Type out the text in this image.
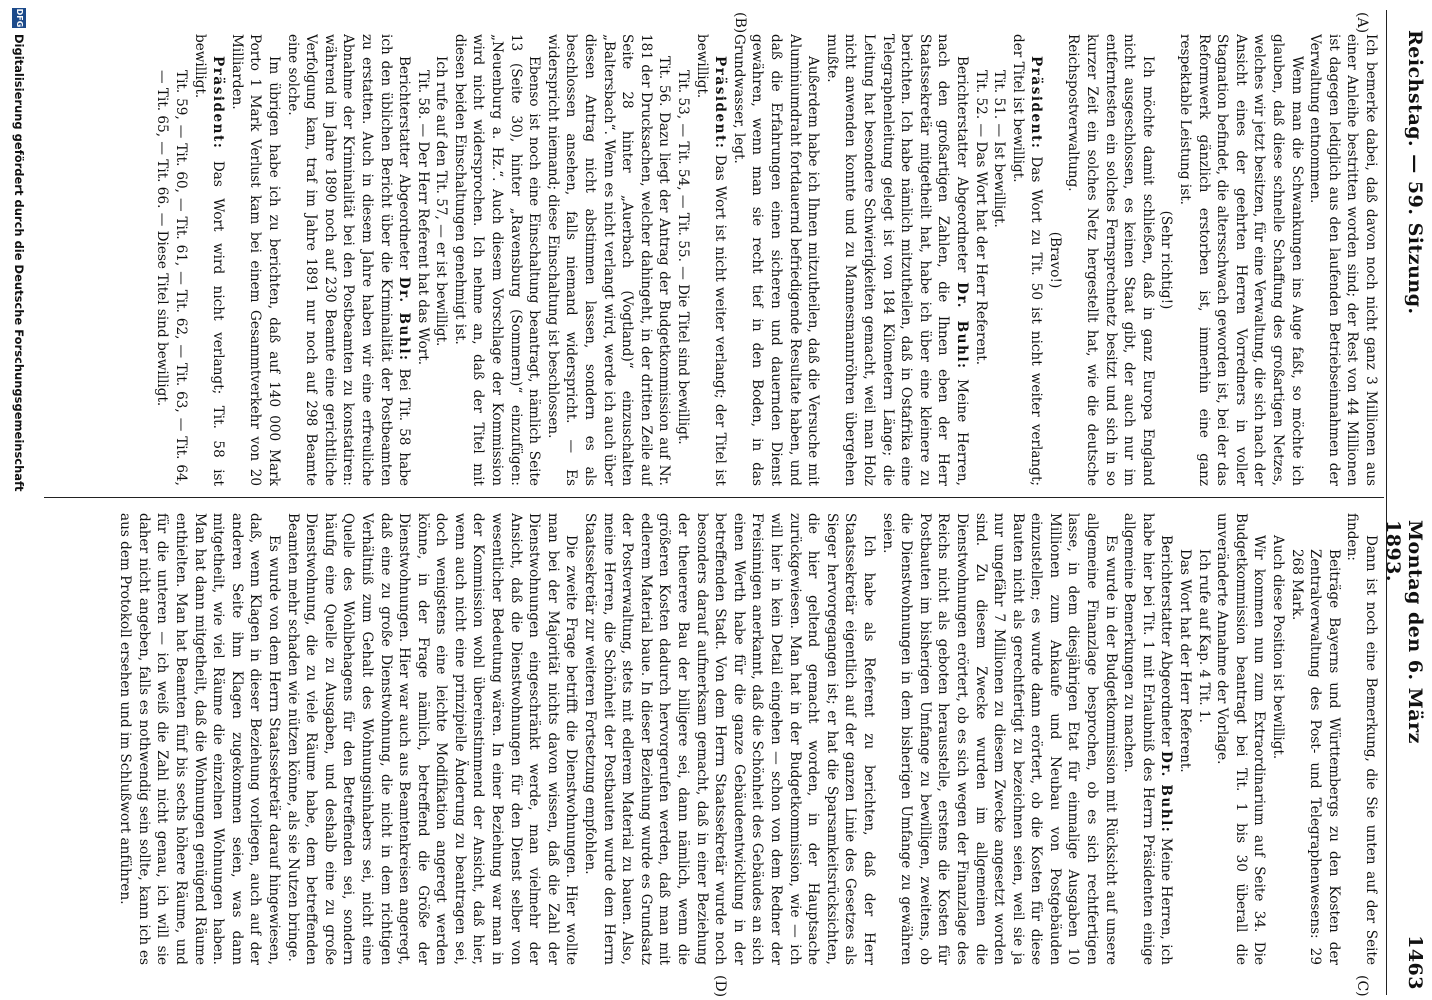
Reichstag. — 59. Sitzung.
Montag den 6. März 1893.
1463
(A)
(B)
(C)
(D)

Ich bemerke dabei, daß davon noch nicht ganz 3 Millionen aus einer Anleihe bestritten worden sind; der Rest von 44 Millionen ist dagegen lediglich aus den laufenden Betriebseinnahmen der Verwaltung entnommen.

Wenn man die Schwankungen ins Auge faßt, so möchte ich glauben, daß diese schnelle Schaffung des großartigen Netzes, welches wir jetzt besitzen, für eine Verwaltung, die sich nach der Ansicht eines der geehrten Herren Vorredners in voller Stagnation befindet, die altersschwach geworden ist, bei der das Reformwerk gänzlich erstorben ist, immerhin eine ganz respektable Leistung ist.

(Sehr richtig!)

Ich möchte damit schließen, daß in ganz Europa England nicht ausgeschlossen, es keinen Staat gibt, der auch nur im entferntesten ein solches Fernsprechnetz besitzt und sich in so kurzer Zeit ein solches Netz hergestellt hat, wie die deutsche Reichspostverwaltung.

(Bravo!)

Präsident: Das Wort zu Tit. 50 ist nicht weiter verlangt; der Titel ist bewilligt.

Tit. 51. — Ist bewilligt.

Tit. 52. — Das Wort hat der Herr Referent.

Berichterstatter Abgeordneter Dr. Buhl: Meine Herren, nach den großartigen Zahlen, die Ihnen eben der Herr Staatssekretär mitgetheilt hat, habe ich über eine kleinere zu berichten. Ich habe nämlich mitzutheilen, daß in Ostafrika eine Telegraphenleitung gelegt ist von 184 Kilometern Länge; die Leitung hat besondere Schwierigkeiten gemacht, weil man Holz nicht anwenden konnte und zu Mannesmannröhren übergehen mußte.

Außerdem habe ich Ihnen mitzutheilen, daß die Versuche mit Aluminiumdraht fortdauernd befriedigende Resultate haben, und daß die Erfahrungen einen sicheren und dauernden Dienst gewähren, wenn man sie recht tief in den Boden, in das Grundwasser, legt.

Präsident: Das Wort ist nicht weiter verlangt; der Titel ist bewilligt.

Tit. 53, — Tit. 54, — Tit. 55. — Die Titel sind bewilligt.

Tit. 56. Dazu liegt der Antrag der Budgetkommission auf Nr. 181 der Drucksachen, welcher dahingeht, in der dritten Zeile auf Seite 28 hinter „Auerbach (Vogtland)“ einzuschalten „Baltersbach“. Wenn es nicht verlangt wird, werde ich auch über diesen Antrag nicht abstimmen lassen, sondern es als beschlossen ansehen, falls niemand widerspricht. — Es widerspricht niemand; diese Einschaltung ist beschlossen.

Ebenso ist noch eine Einschaltung beantragt, nämlich Seite 13 (Seite 30), hinter „Ravensburg (Sommern)“ einzufügen: „Neuenburg a. Hz.“. Auch diesem Vorschlage der Kommission wird nicht widersprochen. Ich nehme an, daß der Titel mit diesen beiden Einschaltungen genehmigt ist.

Ich rufe auf den Tit. 57, — er ist bewilligt.

Tit. 58. — Der Herr Referent hat das Wort.

Berichterstatter Abgeordneter Dr. Buhl: Bei Tit. 58 habe ich den üblichen Bericht über die Kriminalität der Postbeamten zu erstatten. Auch in diesem Jahre haben wir eine erfreuliche Abnahme der Kriminalität bei den Postbeamten zu konstatiren: während im Jahre 1890 noch auf 230 Beamte eine gerichtliche Verfolgung kam, traf im Jahre 1891 nur noch auf 298 Beamte eine solche.

Im übrigen habe ich zu berichten, daß auf 140 000 Mark Porto 1 Mark Verlust kam bei einem Gesammtverkehr von 20 Milliarden.

Präsident: Das Wort wird nicht verlangt; Tit. 58 ist bewilligt.

Tit. 59, — Tit. 60, — Tit. 61, — Tit. 62, — Tit. 63, — Tit. 64, — Tit. 65, — Tit. 66. — Diese Titel sind bewilligt.

Dann ist noch eine Bemerkung, die Sie unten auf der Seite finden:

Beiträge Bayerns und Württembergs zu den Kosten der Zentralverwaltung des Post- und Telegraphenwesens: 29 268 Mark.

Auch diese Position ist bewilligt.

Wir kommen nun zum Extraordinarium auf Seite 34. Die Budgetkommission beantragt bei Tit. 1 bis 30 überall die unveränderte Annahme der Vorlage.

Ich rufe auf Kap. 4 Tit. 1.

Das Wort hat der Herr Referent.

Berichterstatter Abgeordneter Dr. Buhl: Meine Herren, ich habe hier bei Tit. 1 mit Erlaubniß des Herrn Präsidenten einige allgemeine Bemerkungen zu machen.

Es wurde in der Budgetkommission mit Rücksicht auf unsere allgemeine Finanzlage besprochen, ob es sich rechtfertigen lasse, in dem diesjährigen Etat für einmalige Ausgaben 10 Millionen zum Ankaufe und Neubau von Postgebäuden einzustellen; es wurde dann erörtert, ob die Kosten für diese Bauten nicht als gerechtfertigt zu bezeichnen seien, weil sie ja nur ungefähr 7 Millionen zu diesem Zwecke angesetzt worden sind. Zu diesem Zwecke wurden im allgemeinen die Dienstwohnungen erörtert, ob es sich wegen der Finanzlage des Reichs nicht als geboten herausstelle, erstens die Kosten für Postbauten im bisherigen Umfange zu bewilligen, zweitens, ob die Dienstwohnungen in dem bisherigen Umfange zu gewähren seien.

Ich habe als Referent zu berichten, daß der Herr Staatssekretär eigentlich auf der ganzen Linie des Gesetzes als Sieger hervorgegangen ist; er hat die Sparsamkeitsrücksichten, die hier geltend gemacht worden, in der Hauptsache zurückgewiesen. Man hat in der Budgetkommission, wie — ich will hier in kein Detail eingehen — schon von dem Redner der Freisinnigen anerkannt, daß die Schönheit des Gebäudes an sich einen Werth habe für die ganze Gebäudeentwicklung in der betreffenden Stadt. Von dem Herrn Staatssekretär wurde noch besonders darauf aufmerksam gemacht, daß in einer Beziehung der theuerere Bau der billigere sei, dann nämlich, wenn die größeren Kosten dadurch hervorgerufen werden, daß man mit edlerem Material baue. In dieser Beziehung wurde es Grundsatz der Postverwaltung, stets mit edlerem Material zu bauen. Also, meine Herren, die Schönheit der Postbauten wurde dem Herrn Staatssekretär zur weiteren Fortsetzung empfohlen.

Die zweite Frage betrifft die Dienstwohnungen. Hier wollte man bei der Majorität nichts davon wissen, daß die Zahl der Dienstwohnungen eingeschränkt werde, man vielmehr der Ansicht, daß die Dienstwohnungen für den Dienst selber von wesentlicher Bedeutung wären. In einer Beziehung war man in der Kommission wohl übereinstimmend der Ansicht, daß hier, wenn auch nicht eine prinzipielle Änderung zu beantragen sei, doch wenigstens eine leichte Modifikation angeregt werden könne, in der Frage nämlich, betreffend die Größe der Dienstwohnungen. Hier war auch aus Beamtenkreisen angeregt, daß eine zu große Dienstwohnung, die nicht in dem richtigen Verhältniß zum Gehalt des Wohnungsinhabers sei, nicht eine Quelle des Wohlbehagens für den Betreffenden sei, sondern häufig eine Quelle zu Ausgaben, und deshalb eine zu große Dienstwohnung, die zu viele Räume habe, dem betreffenden Beamten mehr schaden wie nützen könne, als sie Nutzen bringe.

Es wurde von dem Herrn Staatssekretär darauf hingewiesen, daß, wenn Klagen in dieser Beziehung vorliegen, auch auf der anderen Seite ihm Klagen zugekommen seien, was dann mitgetheilt, wie viel Räume die einzelnen Wohnungen haben. Man hat dann mitgetheilt, daß die Wohnungen genügend Räume enthielten. Man hat Beamten fünf bis sechs höhere Räume, und für die unteren — ich weiß die Zahl nicht genau, ich will sie daher nicht angeben, falls es nothwendig sein sollte, kann ich es aus dem Protokoll ersehen und im Schlußwort anführen.

DFG
Digitalisierung gefördert durch die Deutsche Forschungsgemeinschaft
